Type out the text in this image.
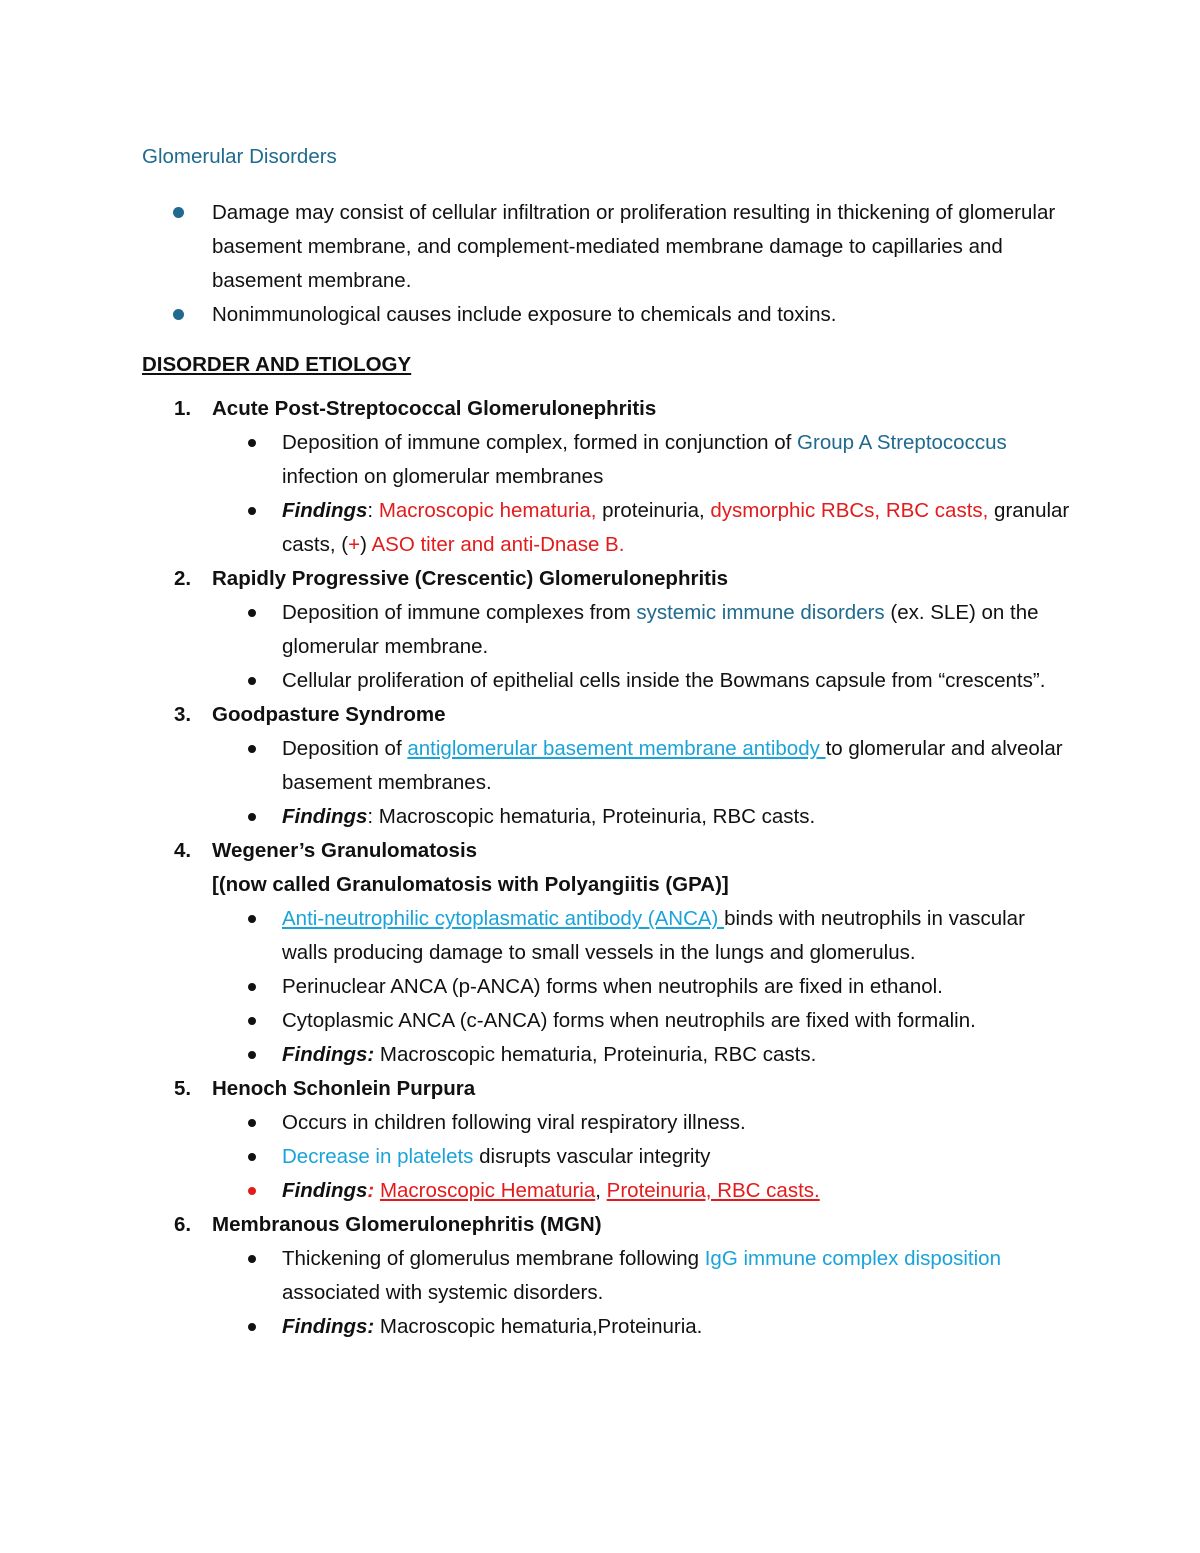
Glomerular Disorders
Damage may consist of cellular infiltration or proliferation resulting in thickening of glomerular basement membrane, and complement-mediated membrane damage to capillaries and basement membrane.
Nonimmunological causes include exposure to chemicals and toxins.
DISORDER AND ETIOLOGY
1. Acute Post-Streptococcal Glomerulonephritis
Deposition of immune complex, formed in conjunction of Group A Streptococcus infection on glomerular membranes
Findings: Macroscopic hematuria, proteinuria, dysmorphic RBCs, RBC casts, granular casts, (+) ASO titer and anti-Dnase B.
2. Rapidly Progressive (Crescentic) Glomerulonephritis
Deposition of immune complexes from systemic immune disorders (ex. SLE) on the glomerular membrane.
Cellular proliferation of epithelial cells inside the Bowmans capsule from “crescents”.
3. Goodpasture Syndrome
Deposition of antiglomerular basement membrane antibody to glomerular and alveolar basement membranes.
Findings: Macroscopic hematuria, Proteinuria, RBC casts.
4. Wegener’s Granulomatosis
[(now called Granulomatosis with Polyangiitis (GPA)]
Anti-neutrophilic cytoplasmatic antibody (ANCA) binds with neutrophils in vascular walls producing damage to small vessels in the lungs and glomerulus.
Perinuclear ANCA (p-ANCA) forms when neutrophils are fixed in ethanol.
Cytoplasmic ANCA (c-ANCA) forms when neutrophils are fixed with formalin.
Findings: Macroscopic hematuria, Proteinuria, RBC casts.
5. Henoch Schonlein Purpura
Occurs in children following viral respiratory illness.
Decrease in platelets disrupts vascular integrity
Findings: Macroscopic Hematuria, Proteinuria, RBC casts.
6. Membranous Glomerulonephritis (MGN)
Thickening of glomerulus membrane following IgG immune complex disposition associated with systemic disorders.
Findings: Macroscopic hematuria,Proteinuria.
